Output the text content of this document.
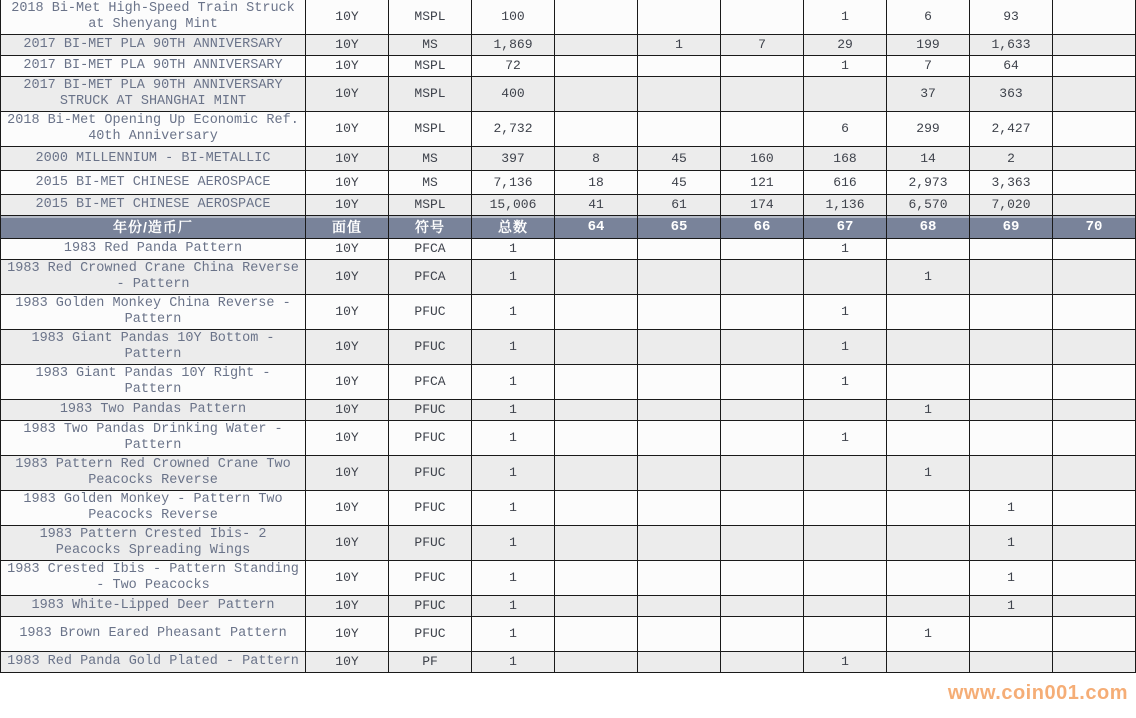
2018 Bi-Met High-Speed Train Struck at Shenyang Mint	10Y	MSPL	100				1	6	93	
2017 BI-MET PLA 90TH ANNIVERSARY	10Y	MS	1,869		1	7	29	199	1,633	
2017 BI-MET PLA 90TH ANNIVERSARY	10Y	MSPL	72				1	7	64	
2017 BI-MET PLA 90TH ANNIVERSARY STRUCK AT SHANGHAI MINT	10Y	MSPL	400					37	363	
2018 Bi-Met Opening Up Economic Ref. 40th Anniversary	10Y	MSPL	2,732				6	299	2,427	
2000 MILLENNIUM - BI-METALLIC	10Y	MS	397	8	45	160	168	14	2	
2015 BI-MET CHINESE AEROSPACE	10Y	MS	7,136	18	45	121	616	2,973	3,363	
2015 BI-MET CHINESE AEROSPACE	10Y	MSPL	15,006	41	61	174	1,136	6,570	7,020	
年份/造币厂	面值	符号	总数	64	65	66	67	68	69	70
1983 Red Panda Pattern	10Y	PFCA	1				1			
1983 Red Crowned Crane China Reverse - Pattern	10Y	PFCA	1					1		
1983 Golden Monkey China Reverse - Pattern	10Y	PFUC	1				1			
1983 Giant Pandas 10Y Bottom - Pattern	10Y	PFUC	1				1			
1983 Giant Pandas 10Y Right - Pattern	10Y	PFCA	1				1			
1983 Two Pandas Pattern	10Y	PFUC	1					1		
1983 Two Pandas Drinking Water - Pattern	10Y	PFUC	1				1			
1983 Pattern Red Crowned Crane Two Peacocks Reverse	10Y	PFUC	1					1		
1983 Golden Monkey - Pattern Two Peacocks Reverse	10Y	PFUC	1						1	
1983 Pattern Crested Ibis- 2 Peacocks Spreading Wings	10Y	PFUC	1						1	
1983 Crested Ibis - Pattern Standing - Two Peacocks	10Y	PFUC	1						1	
1983 White-Lipped Deer Pattern	10Y	PFUC	1						1	
1983 Brown Eared Pheasant Pattern	10Y	PFUC	1					1		
1983 Red Panda Gold Plated - Pattern	10Y	PF	1				1			
www.coin001.com
